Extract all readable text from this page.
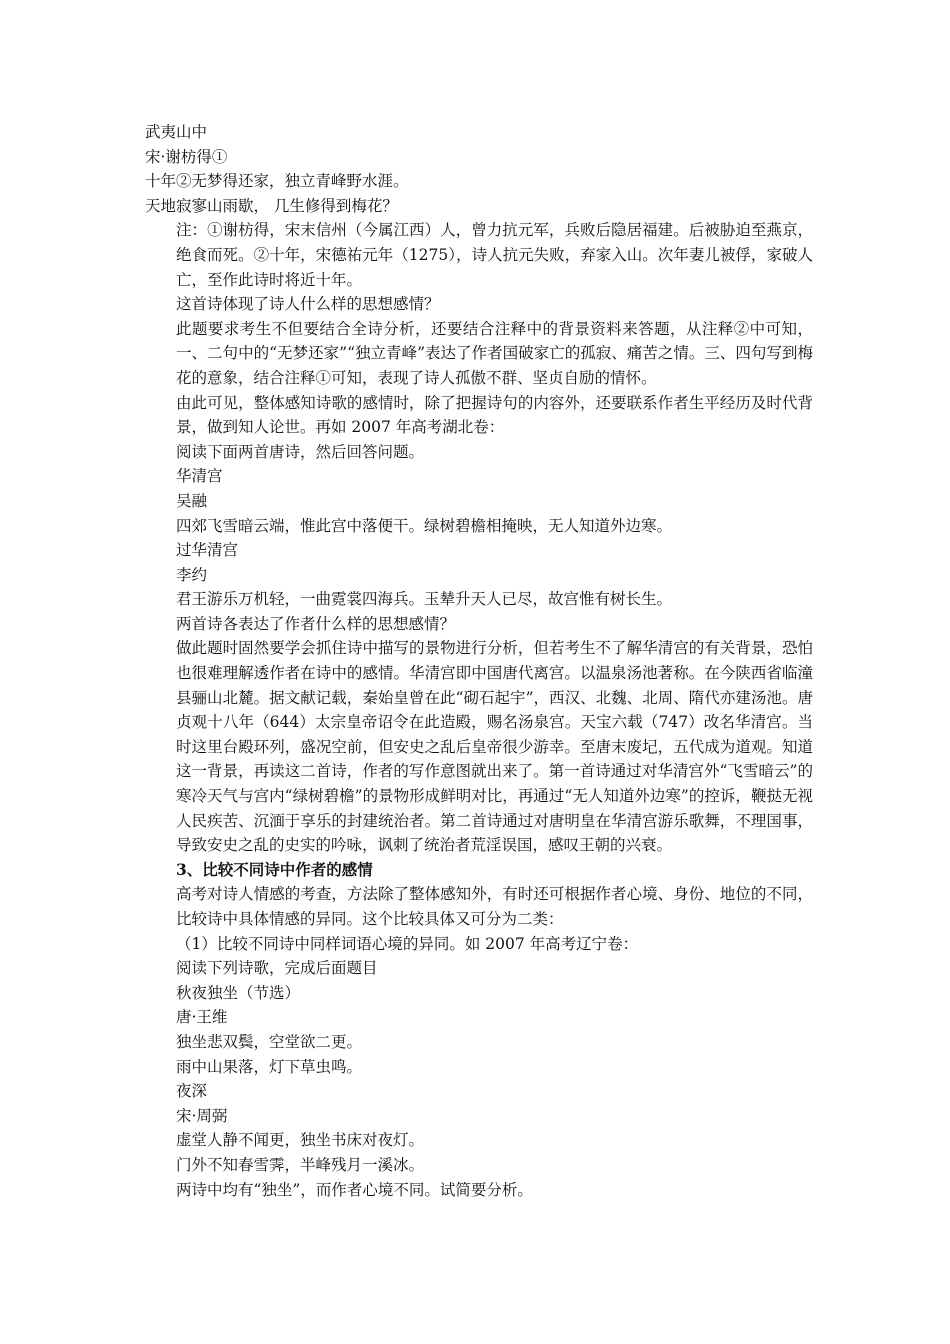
武夷山中
宋·谢枋得①
十年②无梦得还家，独立青峰野水涯。
天地寂寥山雨歇， 几生修得到梅花？
注：①谢枋得，宋末信州（今属江西）人，曾力抗元军，兵败后隐居福建。后被胁迫至燕京，绝食而死。②十年，宋德祐元年（1275），诗人抗元失败，弃家入山。次年妻儿被俘，家破人亡，至作此诗时将近十年。
这首诗体现了诗人什么样的思想感情？
此题要求考生不但要结合全诗分析，还要结合注释中的背景资料来答题，从注释②中可知，一、二句中的“无梦还家”“独立青峰”表达了作者国破家亡的孤寂、痛苦之情。三、四句写到梅花的意象，结合注释①可知，表现了诗人孤傲不群、坚贞自励的情怀。
由此可见，整体感知诗歌的感情时，除了把握诗句的内容外，还要联系作者生平经历及时代背景，做到知人论世。再如 2007 年高考湖北卷：
阅读下面两首唐诗，然后回答问题。
华清宫
吴融
四郊飞雪暗云端，惟此宫中落便干。绿树碧檐相掩映，无人知道外边寒。
过华清宫
李约
君王游乐万机轻，一曲霓裳四海兵。玉辇升天人已尽，故宫惟有树长生。
两首诗各表达了作者什么样的思想感情？
做此题时固然要学会抓住诗中描写的景物进行分析，但若考生不了解华清宫的有关背景，恐怕也很难理解透作者在诗中的感情。华清宫即中国唐代离宫。以温泉汤池著称。在今陕西省临潼县骊山北麓。据文献记载，秦始皇曾在此“砌石起宇”，西汉、北魏、北周、隋代亦建汤池。唐贞观十八年（644）太宗皇帝诏令在此造殿，赐名汤泉宫。天宝六载（747）改名华清宫。当时这里台殿环列，盛况空前，但安史之乱后皇帝很少游幸。至唐末废圮，五代成为道观。知道这一背景，再读这二首诗，作者的写作意图就出来了。第一首诗通过对华清宫外“飞雪暗云”的寒冷天气与宫内“绿树碧檐”的景物形成鲜明对比，再通过“无人知道外边寒”的控诉，鞭挞无视人民疾苦、沉湎于享乐的封建统治者。第二首诗通过对唐明皇在华清宫游乐歌舞，不理国事，导致安史之乱的史实的吟咏，讽刺了统治者荒淫误国，感叹王朝的兴衰。
3、比较不同诗中作者的感情
高考对诗人情感的考查，方法除了整体感知外，有时还可根据作者心境、身份、地位的不同，比较诗中具体情感的异同。这个比较具体又可分为二类：
（1）比较不同诗中同样词语心境的异同。如 2007 年高考辽宁卷：
阅读下列诗歌，完成后面题目
秋夜独坐（节选）
唐·王维
独坐悲双鬓，空堂欲二更。
雨中山果落，灯下草虫鸣。
夜深
宋·周弼
虚堂人静不闻更，独坐书床对夜灯。
门外不知春雪霁，半峰残月一溪冰。
两诗中均有“独坐”，而作者心境不同。试简要分析。
